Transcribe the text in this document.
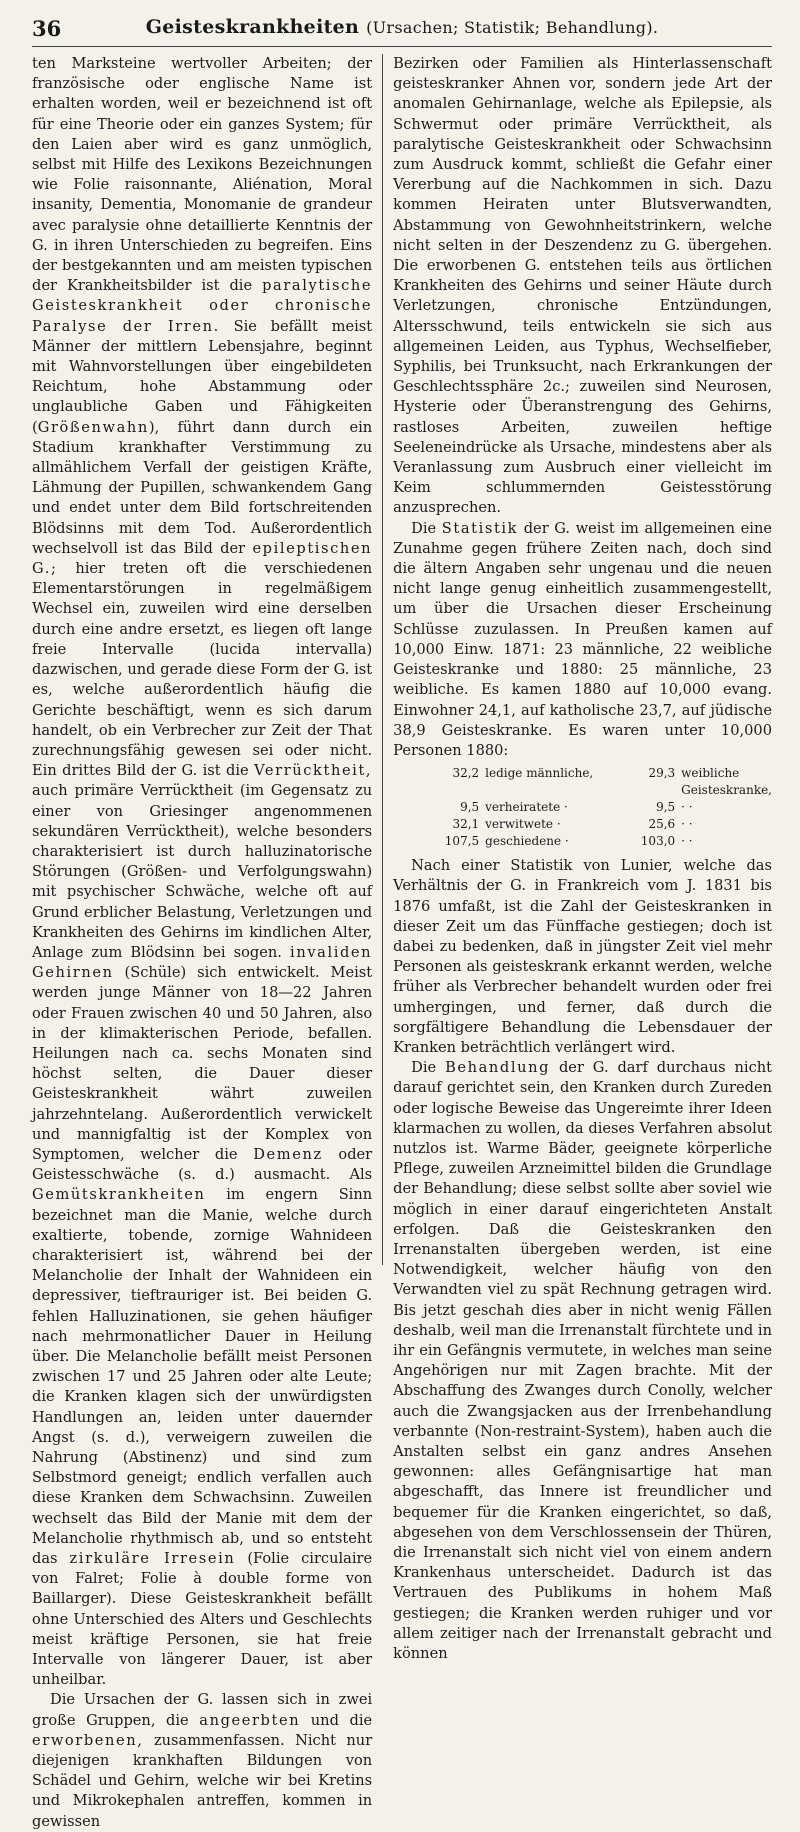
36	Geisteskrankheiten (Ursachen; Statistik; Behandlung).

ten Marksteine wertvoller Arbeiten; der französische oder englische Name ist erhalten worden, weil er bezeichnend ist oft für eine Theorie oder ein ganzes System; für den Laien aber wird es ganz unmöglich, selbst mit Hilfe des Lexikons Bezeichnungen wie Folie raisonnante, Aliénation, Moral insanity, Dementia, Monomanie de grandeur avec paralysie ohne detaillierte Kenntnis der G. in ihren Unterschieden zu begreifen. Eins der bestgekannten und am meisten typischen der Krankheitsbilder ist die paralytische Geisteskrankheit oder chronische Paralyse der Irren. Sie befällt meist Männer der mittlern Lebensjahre, beginnt mit Wahnvorstellungen über eingebildeten Reichtum, hohe Abstammung oder unglaubliche Gaben und Fähigkeiten (Größenwahn), führt dann durch ein Stadium krankhafter Verstimmung zu allmählichem Verfall der geistigen Kräfte, Lähmung der Pupillen, schwankendem Gang und endet unter dem Bild fortschreitenden Blödsinns mit dem Tod. Außerordentlich wechselvoll ist das Bild der epileptischen G.; hier treten oft die verschiedenen Elementarstörungen in regelmäßigem Wechsel ein, zuweilen wird eine derselben durch eine andre ersetzt, es liegen oft lange freie Intervalle (lucida intervalla) dazwischen, und gerade diese Form der G. ist es, welche außerordentlich häufig die Gerichte beschäftigt, wenn es sich darum handelt, ob ein Verbrecher zur Zeit der That zurechnungsfähig gewesen sei oder nicht. Ein drittes Bild der G. ist die Verrücktheit, auch primäre Verrücktheit (im Gegensatz zu einer von Griesinger angenommenen sekundären Verrücktheit), welche besonders charakterisiert ist durch halluzinatorische Störungen (Größen- und Verfolgungswahn) mit psychischer Schwäche, welche oft auf Grund erblicher Belastung, Verletzungen und Krankheiten des Gehirns im kindlichen Alter, Anlage zum Blödsinn bei sogen. invaliden Gehirnen (Schüle) sich entwickelt. Meist werden junge Männer von 18—22 Jahren oder Frauen zwischen 40 und 50 Jahren, also in der klimakterischen Periode, befallen. Heilungen nach ca. sechs Monaten sind höchst selten, die Dauer dieser Geisteskrankheit währt zuweilen jahrzehntelang. Außerordentlich verwickelt und mannigfaltig ist der Komplex von Symptomen, welcher die Demenz oder Geistesschwäche (s. d.) ausmacht. Als Gemütskrankheiten im engern Sinn bezeichnet man die Manie, welche durch exaltierte, tobende, zornige Wahnideen charakterisiert ist, während bei der Melancholie der Inhalt der Wahnideen ein depressiver, tieftrauriger ist. Bei beiden G. fehlen Halluzinationen, sie gehen häufiger nach mehrmonatlicher Dauer in Heilung über. Die Melancholie befällt meist Personen zwischen 17 und 25 Jahren oder alte Leute; die Kranken klagen sich der unwürdigsten Handlungen an, leiden unter dauernder Angst (s. d.), verweigern zuweilen die Nahrung (Abstinenz) und sind zum Selbstmord geneigt; endlich verfallen auch diese Kranken dem Schwachsinn. Zuweilen wechselt das Bild der Manie mit dem der Melancholie rhythmisch ab, und so entsteht das zirkuläre Irresein (Folie circulaire von Falret; Folie à double forme von Baillarger). Diese Geisteskrankheit befällt ohne Unterschied des Alters und Geschlechts meist kräftige Personen, sie hat freie Intervalle von längerer Dauer, ist aber unheilbar.

Die Ursachen der G. lassen sich in zwei große Gruppen, die angeerbten und die erworbenen, zusammenfassen. Nicht nur diejenigen krankhaften Bildungen von Schädel und Gehirn, welche wir bei Kretins und Mikrokephalen antreffen, kommen in gewissen

Bezirken oder Familien als Hinterlassenschaft geisteskranker Ahnen vor, sondern jede Art der anomalen Gehirnanlage, welche als Epilepsie, als Schwermut oder primäre Verrücktheit, als paralytische Geisteskrankheit oder Schwachsinn zum Ausdruck kommt, schließt die Gefahr einer Vererbung auf die Nachkommen in sich. Dazu kommen Heiraten unter Blutsverwandten, Abstammung von Gewohnheitstrinkern, welche nicht selten in der Deszendenz zu G. übergehen. Die erworbenen G. entstehen teils aus örtlichen Krankheiten des Gehirns und seiner Häute durch Verletzungen, chronische Entzündungen, Altersschwund, teils entwickeln sie sich aus allgemeinen Leiden, aus Typhus, Wechselfieber, Syphilis, bei Trunksucht, nach Erkrankungen der Geschlechtssphäre 2c.; zuweilen sind Neurosen, Hysterie oder Überanstrengung des Gehirns, rastloses Arbeiten, zuweilen heftige Seeleneindrücke als Ursache, mindestens aber als Veranlassung zum Ausbruch einer vielleicht im Keim schlummernden Geistesstörung anzusprechen.

Die Statistik der G. weist im allgemeinen eine Zunahme gegen frühere Zeiten nach, doch sind die ältern Angaben sehr ungenau und die neuen nicht lange genug einheitlich zusammengestellt, um über die Ursachen dieser Erscheinung Schlüsse zuzulassen. In Preußen kamen auf 10,000 Einw. 1871: 23 männliche, 22 weibliche Geisteskranke und 1880: 25 männliche, 23 weibliche. Es kamen 1880 auf 10,000 evang. Einwohner 24,1, auf katholische 23,7, auf jüdische 38,9 Geisteskranke. Es waren unter 10,000 Personen 1880:

32,2 ledige männliche,	29,3 weibliche Geisteskranke,
9,5 verheiratete ·	9,5 · ·
32,1 verwitwete ·	25,6 · ·
107,5 geschiedene ·	103,0 · ·

Nach einer Statistik von Lunier, welche das Verhältnis der G. in Frankreich vom J. 1831 bis 1876 umfaßt, ist die Zahl der Geisteskranken in dieser Zeit um das Fünffache gestiegen; doch ist dabei zu bedenken, daß in jüngster Zeit viel mehr Personen als geisteskrank erkannt werden, welche früher als Verbrecher behandelt wurden oder frei umhergingen, und ferner, daß durch die sorgfältigere Behandlung die Lebensdauer der Kranken beträchtlich verlängert wird.

Die Behandlung der G. darf durchaus nicht darauf gerichtet sein, den Kranken durch Zureden oder logische Beweise das Ungereimte ihrer Ideen klarmachen zu wollen, da dieses Verfahren absolut nutzlos ist. Warme Bäder, geeignete körperliche Pflege, zuweilen Arzneimittel bilden die Grundlage der Behandlung; diese selbst sollte aber soviel wie möglich in einer darauf eingerichteten Anstalt erfolgen. Daß die Geisteskranken den Irrenanstalten übergeben werden, ist eine Notwendigkeit, welcher häufig von den Verwandten viel zu spät Rechnung getragen wird. Bis jetzt geschah dies aber in nicht wenig Fällen deshalb, weil man die Irrenanstalt fürchtete und in ihr ein Gefängnis vermutete, in welches man seine Angehörigen nur mit Zagen brachte. Mit der Abschaffung des Zwanges durch Conolly, welcher auch die Zwangsjacken aus der Irrenbehandlung verbannte (Non-restraint-System), haben auch die Anstalten selbst ein ganz andres Ansehen gewonnen: alles Gefängnisartige hat man abgeschafft, das Innere ist freundlicher und bequemer für die Kranken eingerichtet, so daß, abgesehen von dem Verschlossensein der Thüren, die Irrenanstalt sich nicht viel von einem andern Krankenhaus unterscheidet. Dadurch ist das Vertrauen des Publikums in hohem Maß gestiegen; die Kranken werden ruhiger und vor allem zeitiger nach der Irrenanstalt gebracht und können
